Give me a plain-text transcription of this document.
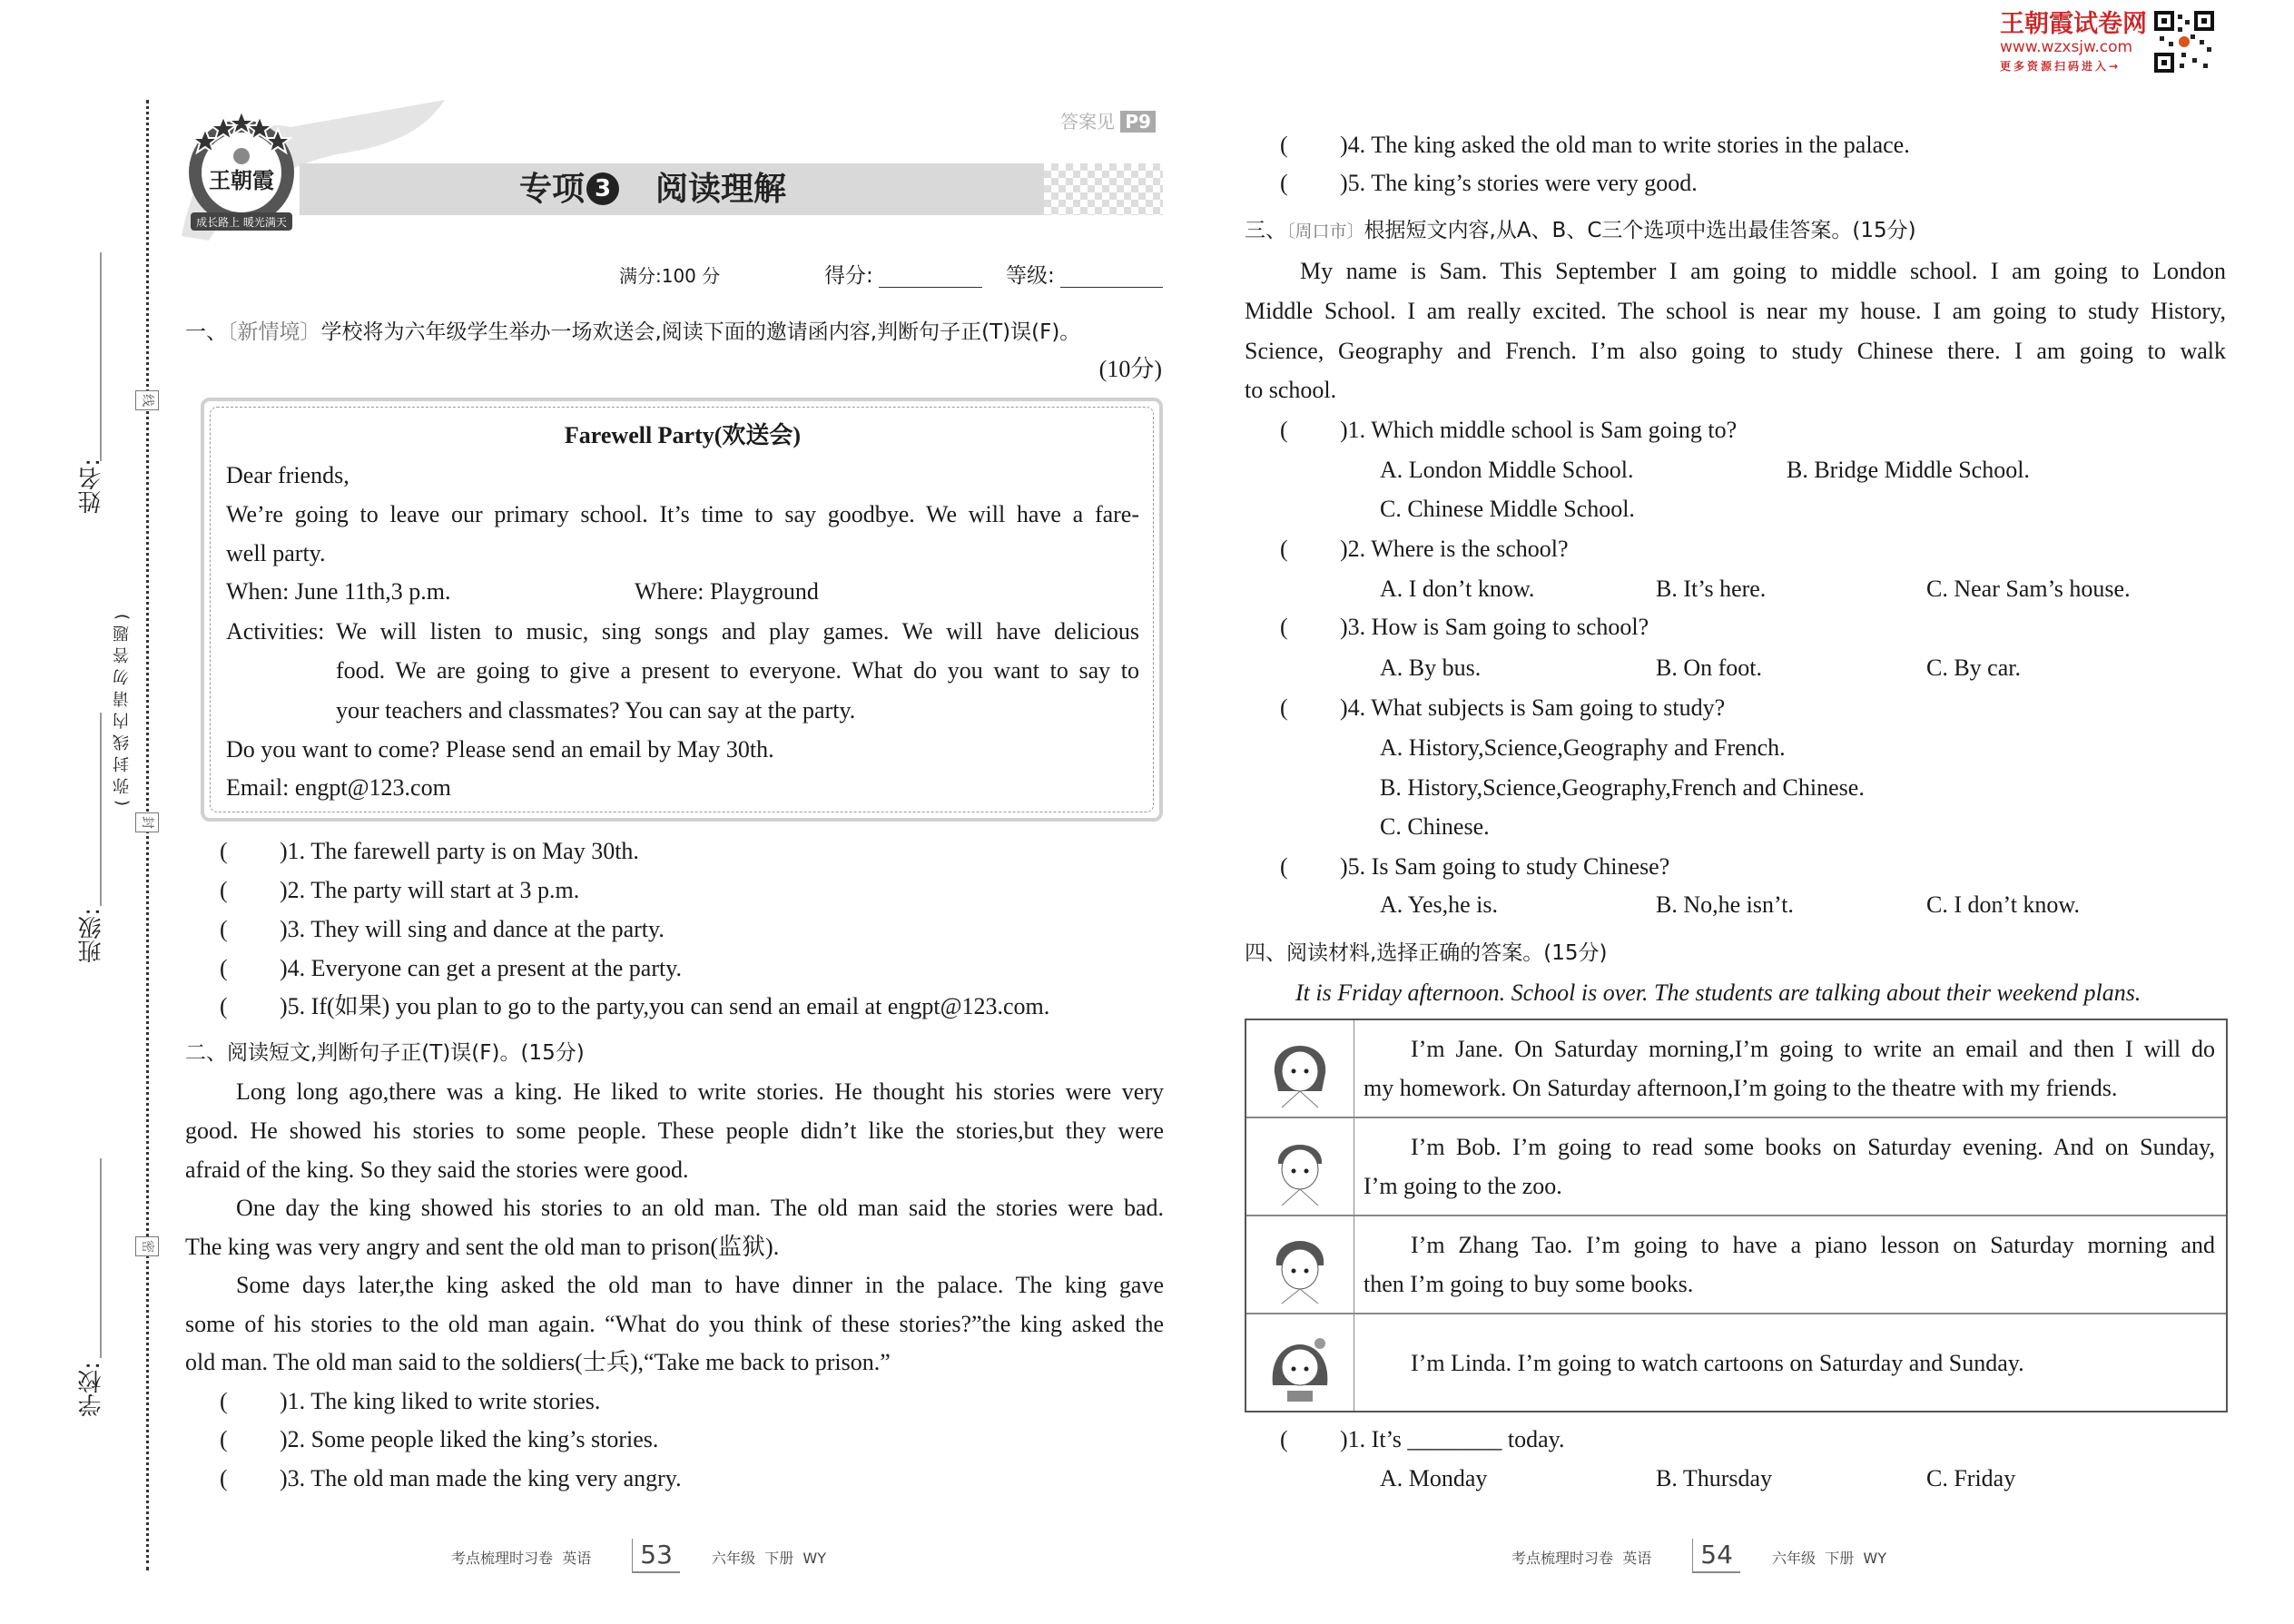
王朝霞试卷网
www.wzxsjw.com
更多资源扫码进入→
线
封
密
(弥封线内请勿答题)
姓名:
班级:
学校:
王朝霞
成长路上 暖光满天
专项 3 阅读理解
答案见 P9
满分:100 分	得分:	等级:
一、〔新情境〕学校将为六年级学生举办一场欢送会,阅读下面的邀请函内容,判断句子正(T)误(F)。
(10分)
Farewell Party(欢送会)
Dear friends,
We’re going to leave our primary school. It’s time to say goodbye. We will have a fare-
well party.
When: June 11th,3 p.m.	Where: Playground
Activities: We will listen to music, sing songs and play games. We will have delicious
food. We are going to give a present to everyone. What do you want to say to
your teachers and classmates? You can say at the party.
Do you want to come? Please send an email by May 30th.
Email: engpt@123.com
( )1. The farewell party is on May 30th.
( )2. The party will start at 3 p.m.
( )3. They will sing and dance at the party.
( )4. Everyone can get a present at the party.
( )5. If(如果) you plan to go to the party,you can send an email at engpt@123.com.
二、阅读短文,判断句子正(T)误(F)。(15分)
Long long ago,there was a king. He liked to write stories. He thought his stories were very
good. He showed his stories to some people. These people didn’t like the stories,but they were
afraid of the king. So they said the stories were good.
One day the king showed his stories to an old man. The old man said the stories were bad.
The king was very angry and sent the old man to prison(监狱).
Some days later,the king asked the old man to have dinner in the palace. The king gave
some of his stories to the old man again. “What do you think of these stories?”the king asked the
old man. The old man said to the soldiers(士兵),“Take me back to prison.”
( )1. The king liked to write stories.
( )2. Some people liked the king’s stories.
( )3. The old man made the king very angry.
( )4. The king asked the old man to write stories in the palace.
( )5. The king’s stories were very good.
三、〔周口市〕根据短文内容,从A、B、C三个选项中选出最佳答案。(15分)
My name is Sam. This September I am going to middle school. I am going to London
Middle School. I am really excited. The school is near my house. I am going to study History,
Science, Geography and French. I’m also going to study Chinese there. I am going to walk
to school.
( )1. Which middle school is Sam going to?
A. London Middle School.	B. Bridge Middle School.
C. Chinese Middle School.
( )2. Where is the school?
A. I don’t know.	B. It’s here.	C. Near Sam’s house.
( )3. How is Sam going to school?
A. By bus.	B. On foot.	C. By car.
( )4. What subjects is Sam going to study?
A. History,Science,Geography and French.
B. History,Science,Geography,French and Chinese.
C. Chinese.
( )5. Is Sam going to study Chinese?
A. Yes,he is.	B. No,he isn’t.	C. I don’t know.
四、阅读材料,选择正确的答案。(15分)
It is Friday afternoon. School is over. The students are talking about their weekend plans.
I’m Jane. On Saturday morning,I’m going to write an email and then I will do
my homework. On Saturday afternoon,I’m going to the theatre with my friends.
I’m Bob. I’m going to read some books on Saturday evening. And on Sunday,
I’m going to the zoo.
I’m Zhang Tao. I’m going to have a piano lesson on Saturday morning and
then I’m going to buy some books.
I’m Linda. I’m going to watch cartoons on Saturday and Sunday.
( )1. It’s ________ today.
A. Monday	B. Thursday	C. Friday
考点梳理时习卷 英语 53	六年级 下册 WY	考点梳理时习卷 英语 54	六年级 下册 WY
